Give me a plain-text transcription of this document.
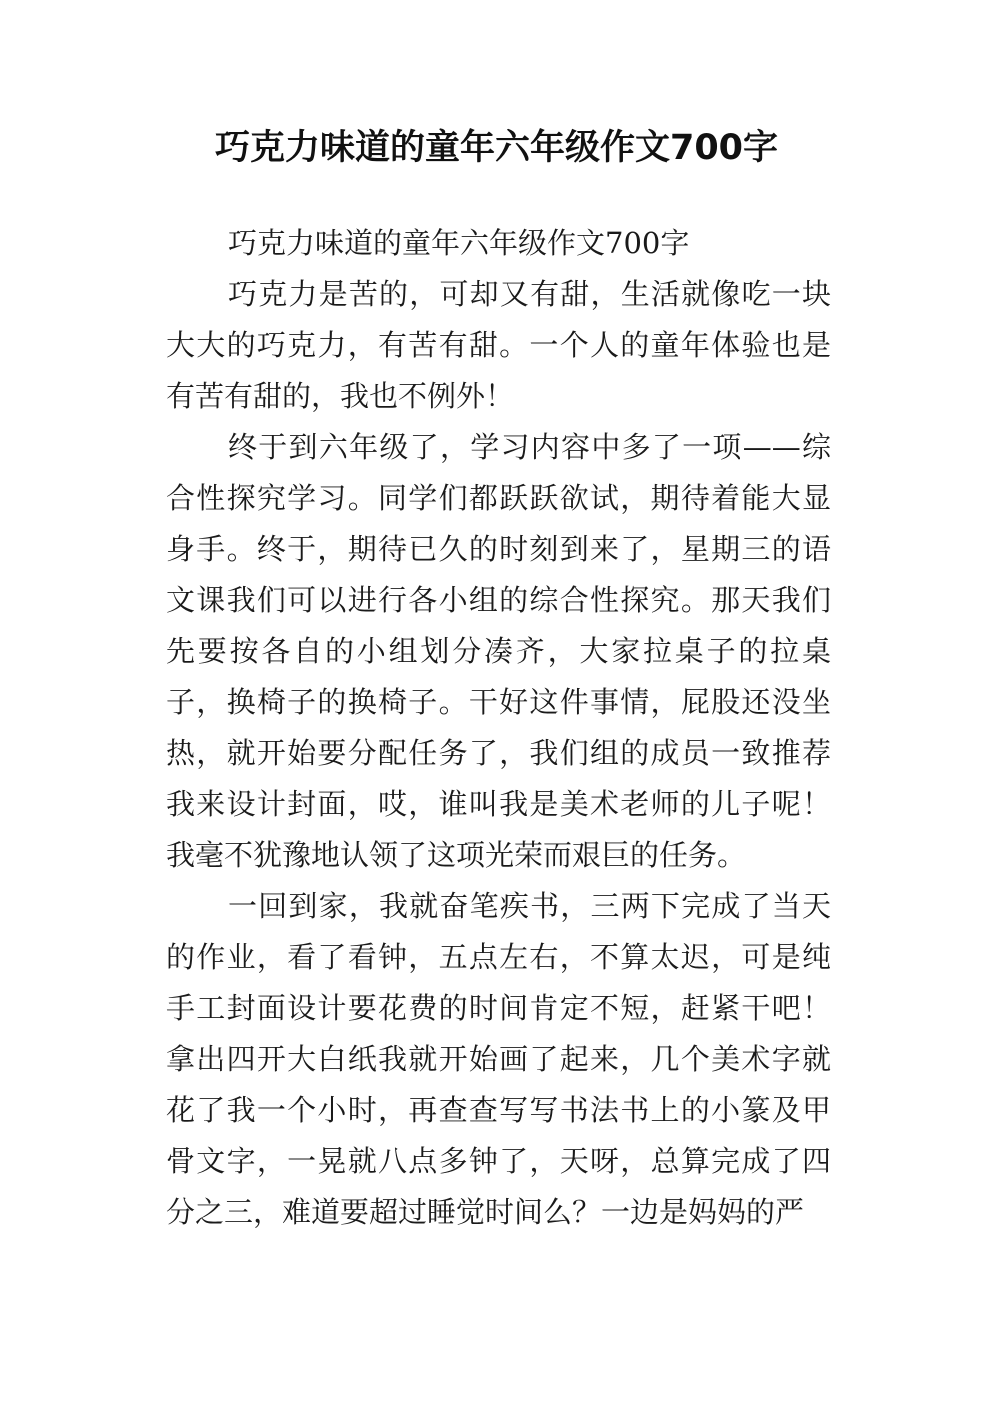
巧克力味道的童年六年级作文700字

巧克力味道的童年六年级作文700字

巧克力是苦的，可却又有甜，生活就像吃一块大大的巧克力，有苦有甜。一个人的童年体验也是有苦有甜的，我也不例外！

终于到六年级了，学习内容中多了一项——综合性探究学习。同学们都跃跃欲试，期待着能大显身手。终于，期待已久的时刻到来了，星期三的语文课我们可以进行各小组的综合性探究。那天我们先要按各自的小组划分凑齐，大家拉桌子的拉桌子，换椅子的换椅子。干好这件事情，屁股还没坐热，就开始要分配任务了，我们组的成员一致推荐我来设计封面，哎，谁叫我是美术老师的儿子呢！我毫不犹豫地认领了这项光荣而艰巨的任务。

一回到家，我就奋笔疾书，三两下完成了当天的作业，看了看钟，五点左右，不算太迟，可是纯手工封面设计要花费的时间肯定不短，赶紧干吧！拿出四开大白纸我就开始画了起来，几个美术字就花了我一个小时，再查查写写书法书上的小篆及甲骨文字，一晃就八点多钟了，天呀，总算完成了四分之三，难道要超过睡觉时间么？一边是妈妈的严
